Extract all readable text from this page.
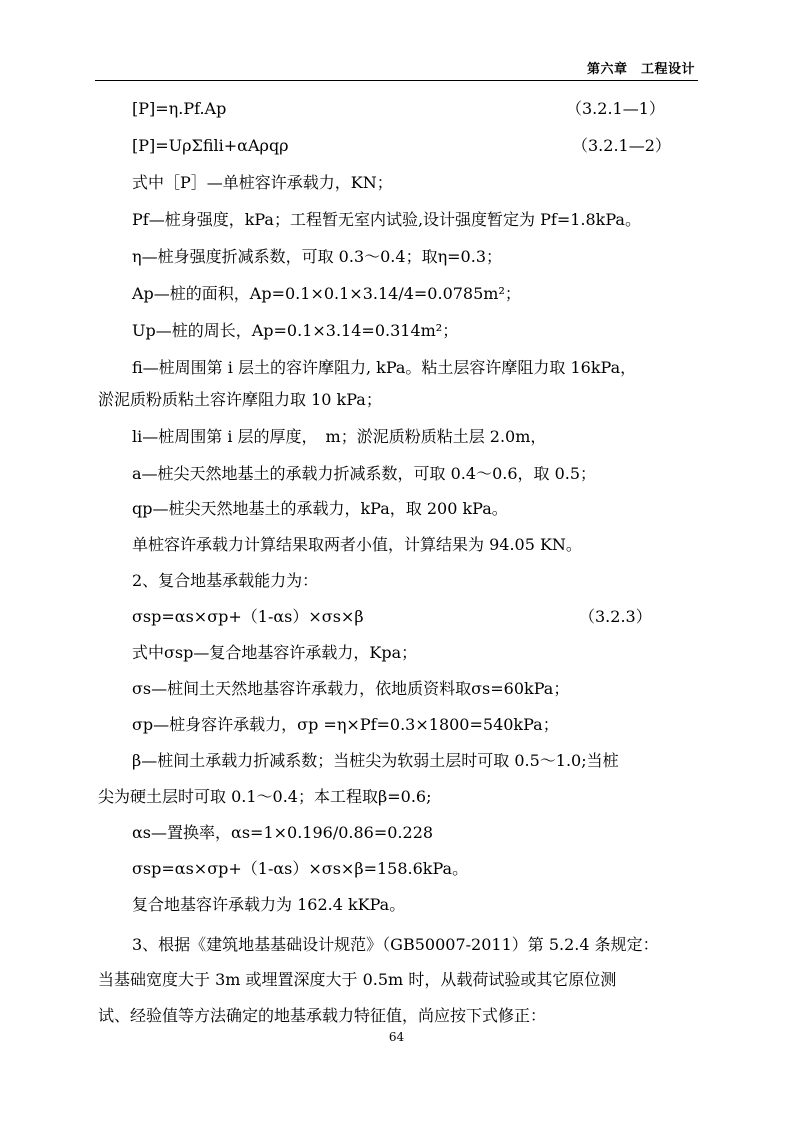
第六章　工程设计
[P]=η.Pf.Ap	（3.2.1—1）
[P]=UρΣfili+αAρqρ	（3.2.1—2）
式中［P］—单桩容许承载力，KN；
Pf—桩身强度，kPa；工程暂无室内试验,设计强度暂定为 Pf=1.8kPa。
η—桩身强度折减系数，可取 0.3～0.4；取η=0.3；
Ap—桩的面积，Ap=0.1×0.1×3.14/4=0.0785m²；
Up—桩的周长，Ap=0.1×3.14=0.314m²；
fi—桩周围第 i 层土的容许摩阻力, kPa。粘土层容许摩阻力取 16kPa，
淤泥质粉质粘土容许摩阻力取 10 kPa；
li—桩周围第 i 层的厚度，　m；淤泥质粉质粘土层 2.0m，
a—桩尖天然地基土的承载力折减系数，可取 0.4～0.6，取 0.5；
qp—桩尖天然地基土的承载力，kPa，取 200 kPa。
单桩容许承载力计算结果取两者小值，计算结果为 94.05 KN。
2、复合地基承载能力为：
σsp=αs×σp+（1-αs）×σs×β	（3.2.3）
式中σsp—复合地基容许承载力，Kpa；
σs—桩间土天然地基容许承载力，依地质资料取σs=60kPa；
σp—桩身容许承载力，σp =η×Pf=0.3×1800=540kPa；
β—桩间土承载力折减系数；当桩尖为软弱土层时可取 0.5～1.0;当桩
尖为硬土层时可取 0.1～0.4；本工程取β=0.6;
αs—置换率，αs=1×0.196/0.86=0.228
σsp=αs×σp+（1-αs）×σs×β=158.6kPa。
复合地基容许承载力为 162.4 kKPa。
3、根据《建筑地基基础设计规范》（GB50007-2011）第 5.2.4 条规定：
当基础宽度大于 3m 或埋置深度大于 0.5m 时，从载荷试验或其它原位测
试、经验值等方法确定的地基承载力特征值，尚应按下式修正：
64
